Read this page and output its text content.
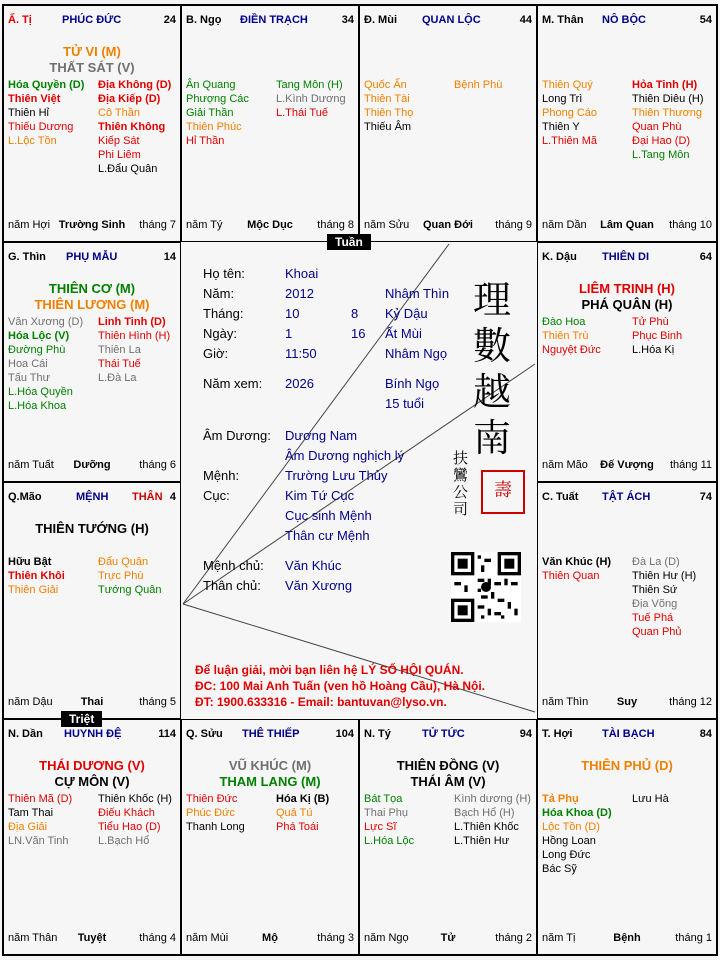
Ấ. Tị	PHÚC ĐỨC	24
TỬ VI (M)
THẤT SÁT (V)
Hóa Quyền (D)
Thiên Việt
Thiên Hỉ
Thiếu Dương
L.Lộc Tồn
Địa Không (D)
Địa Kiếp (D)
Cô Thần
Thiên Không
Kiếp Sát
Phi Liêm
L.Đẩu Quân
năm Hợi Trường Sinh	tháng 7
B. Ngọ ĐIỀN TRẠCH	34
Ân Quang
Phượng Các
Giải Thần
Thiên Phúc
Hỉ Thần
Tang Môn (H)
L.Kình Dương
L.Thái Tuế
năm Tý	Mộc Dục	tháng 8
Đ. Mùi QUAN LỘC	44
Quốc Ấn
Thiên Tài
Thiên Thọ
Thiếu Âm
Bệnh Phù
năm Sửu	Quan Đới	tháng 9
M. Thân NÔ BỘC	54
Thiên Quý
Long Trì
Phong Cáo
Thiên Y
L.Thiên Mã
Hỏa Tinh (H)
Thiên Diêu (H)
Thiên Thương
Quan Phù
Đại Hao (D)
L.Tang Môn
năm Dần	Lâm Quan	tháng 10
G. Thìn PHỤ MẪU	14
THIÊN CƠ (M)
THIÊN LƯƠNG (M)
Văn Xương (D)
Hóa Lộc (V)
Đường Phù
Hoa Cái
Tấu Thư
L.Hóa Quyền
L.Hóa Khoa
Linh Tinh (D)
Thiên Hình (H)
Thiên La
Thái Tuế
L.Đà La
năm Tuất	Dưỡng	tháng 6
K. Dậu THIÊN DI	64
LIÊM TRINH (H)
PHÁ QUÂN (H)
Đào Hoa
Thiên Trù
Nguyệt Đức
Tử Phù
Phục Binh
L.Hóa Kị
năm Mão	Đế Vượng	tháng 11
Q.Mão	MỆNH THÂN 4
THIÊN TƯỚNG (H)
Hữu Bật
Thiên Khôi
Thiên Giải
Đẩu Quân
Trực Phù
Tướng Quân
năm Dậu	Thai	tháng 5
C. Tuất TẬT ÁCH	74
Văn Khúc (H)
Thiên Quan
Đà La (D)
Thiên Hư (H)
Thiên Sứ
Địa Võng
Tuế Phá
Quan Phủ
năm Thìn	Suy	tháng 12
N. Dần HUYNH ĐỆ	114
THÁI DƯƠNG (V)
CỰ MÔN (V)
Thiên Mã (D)
Tam Thai
Địa Giải
LN.Văn Tinh
Thiên Khốc (H)
Điếu Khách
Tiểu Hao (D)
L.Bạch Hổ
năm Thân	Tuyệt	tháng 4
Q. Sửu THÊ THIẾP	104
VŨ KHÚC (M)
THAM LANG (M)
Thiên Đức
Phúc Đức
Thanh Long
Hóa Kị (B)
Quả Tú
Phá Toái
năm Mùi	Mộ	tháng 3
N. Tý	TỬ TỨC	94
THIÊN ĐỒNG (V)
THÁI ÂM (V)
Bát Tọa
Thai Phụ
Lực Sĩ
L.Hóa Lộc
Kình dương (H)
Bạch Hổ (H)
L.Thiên Khốc
L.Thiên Hư
năm Ngọ	Tử	tháng 2
T. Hợi	TÀI BẠCH	84
THIÊN PHỦ (D)
Tả Phụ
Hóa Khoa (D)
Lộc Tồn (D)
Hồng Loan
Long Đức
Bác Sỹ
Lưu Hà
năm Tị	Bệnh	tháng 1
Họ tên:	Khoai
Năm:	2012	Nhâm Thìn
Tháng:	10	8 Kỷ Dậu
Ngày:	1	16 Ất Mùi
Giờ:	11:50	Nhâm Ngọ
Năm xem: 2026	Bính Ngọ
15 tuổi
Âm Dương: Dương Nam
Âm Dương nghịch lý
Mệnh:	Trường Lưu Thủy
Cục:	Kim Tứ Cục
Cục sinh Mệnh
Thân cư Mệnh
Mệnh chủ: Văn Khúc
Thân chủ: Văn Xương
理
數
越
南
扶
鸞
公
司
壽
Để luận giải, mời bạn liên hệ LÝ SỐ HỘI QUÁN.
ĐC: 100 Mai Anh Tuấn (ven hồ Hoàng Cầu), Hà Nội.
ĐT: 1900.633316 - Email: bantuvan@lyso.vn.
Tuần
Triệt
